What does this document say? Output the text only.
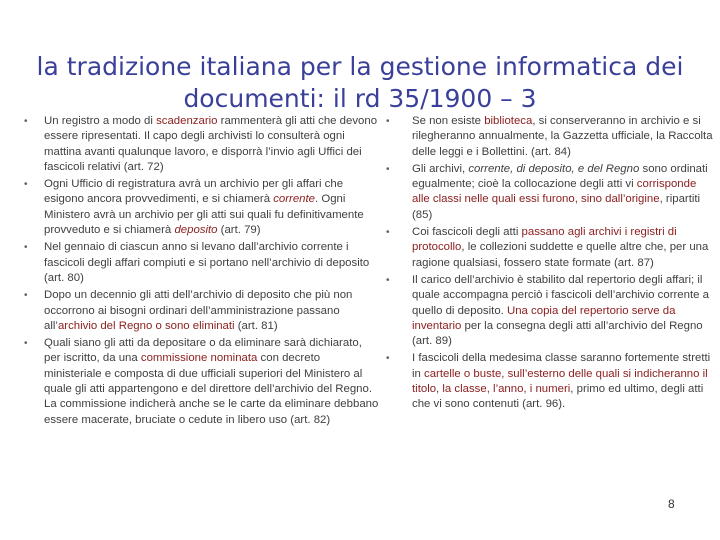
la tradizione italiana per la gestione informatica dei
documenti: il rd 35/1900 – 3
• Un registro a modo di scadenzario rammenterà gli atti che devono essere ripresentati. Il capo degli archivisti lo consulterà ogni mattina avanti qualunque lavoro, e disporrà l’invio agli Uffici dei fascicoli relativi (art. 72)
• Ogni Ufficio di registratura avrà un archivio per gli affari che esigono ancora provvedimenti, e si chiamerà corrente. Ogni Ministero avrà un archivio per gli atti sui quali fu definitivamente provveduto e si chiamerà deposito (art. 79)
• Nel gennaio di ciascun anno si levano dall’archivio corrente i fascicoli degli affari compiuti e si portano nell’archivio di deposito (art. 80)
• Dopo un decennio gli atti dell’archivio di deposito che più non occorrono ai bisogni ordinari dell’amministrazione passano all’archivio del Regno o sono eliminati (art. 81)
• Quali siano gli atti da depositare o da eliminare sarà dichiarato, per iscritto, da una commissione nominata con decreto ministeriale e composta di due ufficiali superiori del Ministero al quale gli atti appartengono e del direttore dell’archivio del Regno. La commissione indicherà anche se le carte da eliminare debbano essere macerate, bruciate o cedute in libero uso (art. 82)
• Se non esiste biblioteca, si conserveranno in archivio e si rilegheranno annualmente, la Gazzetta ufficiale, la Raccolta delle leggi e i Bollettini. (art. 84)
• Gli archivi, corrente, di deposito, e del Regno sono ordinati egualmente; cioè la collocazione degli atti vi corrisponde alle classi nelle quali essi furono, sino dall’origine, ripartiti (85)
• Coi fascicoli degli atti passano agli archivi i registri di protocollo, le collezioni suddette e quelle altre che, per una ragione qualsiasi, fossero state formate (art. 87)
• Il carico dell’archivio è stabilito dal repertorio degli affari; il quale accompagna perciò i fascicoli dell’archivio corrente a quello di deposito. Una copia del repertorio serve da inventario per la consegna degli atti all’archivio del Regno (art. 89)
• I fascicoli della medesima classe saranno fortemente stretti in cartelle o buste, sull’esterno delle quali si indicheranno il titolo, la classe, l’anno, i numeri, primo ed ultimo, degli atti che vi sono contenuti (art. 96).
8
